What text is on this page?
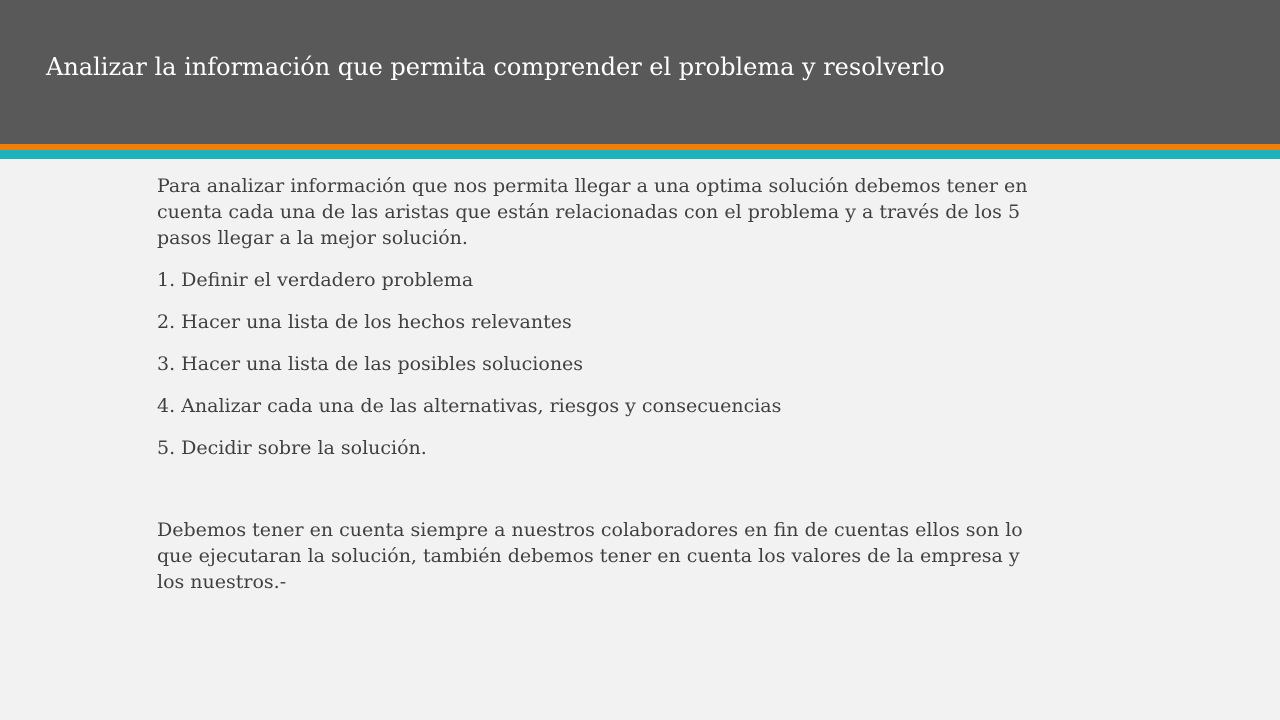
Analizar la información que permita comprender el problema y resolverlo

Para analizar información que nos permita llegar a una optima solución debemos tener en cuenta cada una de las aristas que están relacionadas con el problema y a través de los 5 pasos llegar a la mejor solución.

1. Definir el verdadero problema
2. Hacer una lista de los hechos relevantes
3. Hacer una lista de las posibles soluciones
4. Analizar cada una de las alternativas, riesgos y consecuencias
5. Decidir sobre la solución.

Debemos tener en cuenta siempre a nuestros colaboradores en fin de cuentas ellos son lo que ejecutaran la solución, también debemos tener en cuenta los valores de la empresa y los nuestros.-
